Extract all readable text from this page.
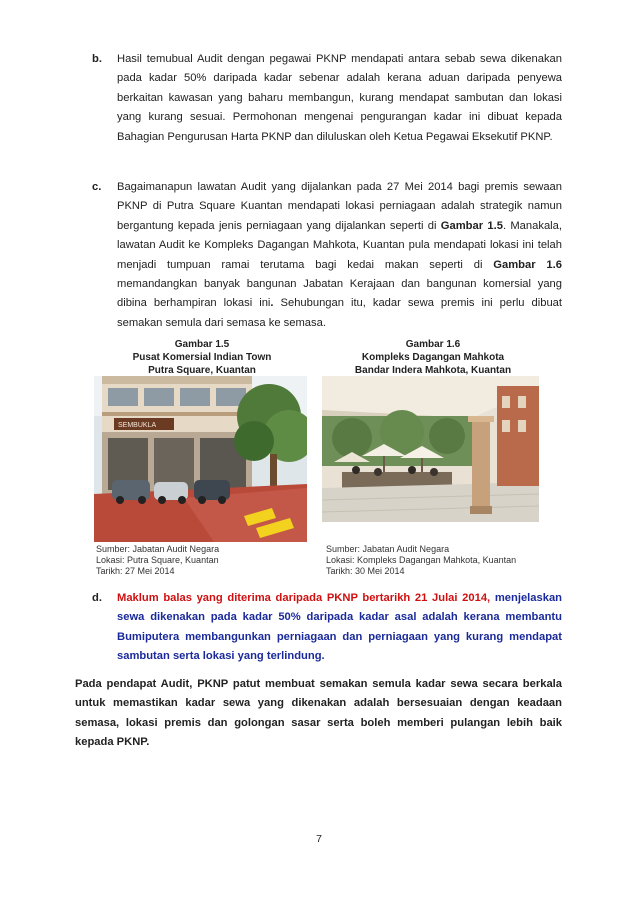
b. Hasil temubual Audit dengan pegawai PKNP mendapati antara sebab sewa dikenakan pada kadar 50% daripada kadar sebenar adalah kerana aduan daripada penyewa berkaitan kawasan yang baharu membangun, kurang mendapat sambutan dan lokasi yang kurang sesuai. Permohonan mengenai pengurangan kadar ini dibuat kepada Bahagian Pengurusan Harta PKNP dan diluluskan oleh Ketua Pegawai Eksekutif PKNP.
c. Bagaimanapun lawatan Audit yang dijalankan pada 27 Mei 2014 bagi premis sewaan PKNP di Putra Square Kuantan mendapati lokasi perniagaan adalah strategik namun bergantung kepada jenis perniagaan yang dijalankan seperti di Gambar 1.5. Manakala, lawatan Audit ke Kompleks Dagangan Mahkota, Kuantan pula mendapati lokasi ini telah menjadi tumpuan ramai terutama bagi kedai makan seperti di Gambar 1.6 memandangkan banyak bangunan Jabatan Kerajaan dan bangunan komersial yang dibina berhampiran lokasi ini. Sehubungan itu, kadar sewa premis ini perlu dibuat semakan semula dari semasa ke semasa.
Gambar 1.5
Pusat Komersial Indian Town
Putra Square, Kuantan
Gambar 1.6
Kompleks Dagangan Mahkota
Bandar Indera Mahkota, Kuantan
SEMBUKLA
Sumber: Jabatan Audit Negara
Lokasi: Putra Square, Kuantan
Tarikh: 27 Mei 2014
Sumber: Jabatan Audit Negara
Lokasi: Kompleks Dagangan Mahkota, Kuantan
Tarikh: 30 Mei 2014
d. Maklum balas yang diterima daripada PKNP bertarikh 21 Julai 2014, menjelaskan sewa dikenakan pada kadar 50% daripada kadar asal adalah kerana membantu Bumiputera membangunkan perniagaan dan perniagaan yang kurang mendapat sambutan serta lokasi yang terlindung.
Pada pendapat Audit, PKNP patut membuat semakan semula kadar sewa secara berkala untuk memastikan kadar sewa yang dikenakan adalah bersesuaian dengan keadaan semasa, lokasi premis dan golongan sasar serta boleh memberi pulangan lebih baik kepada PKNP.
7
